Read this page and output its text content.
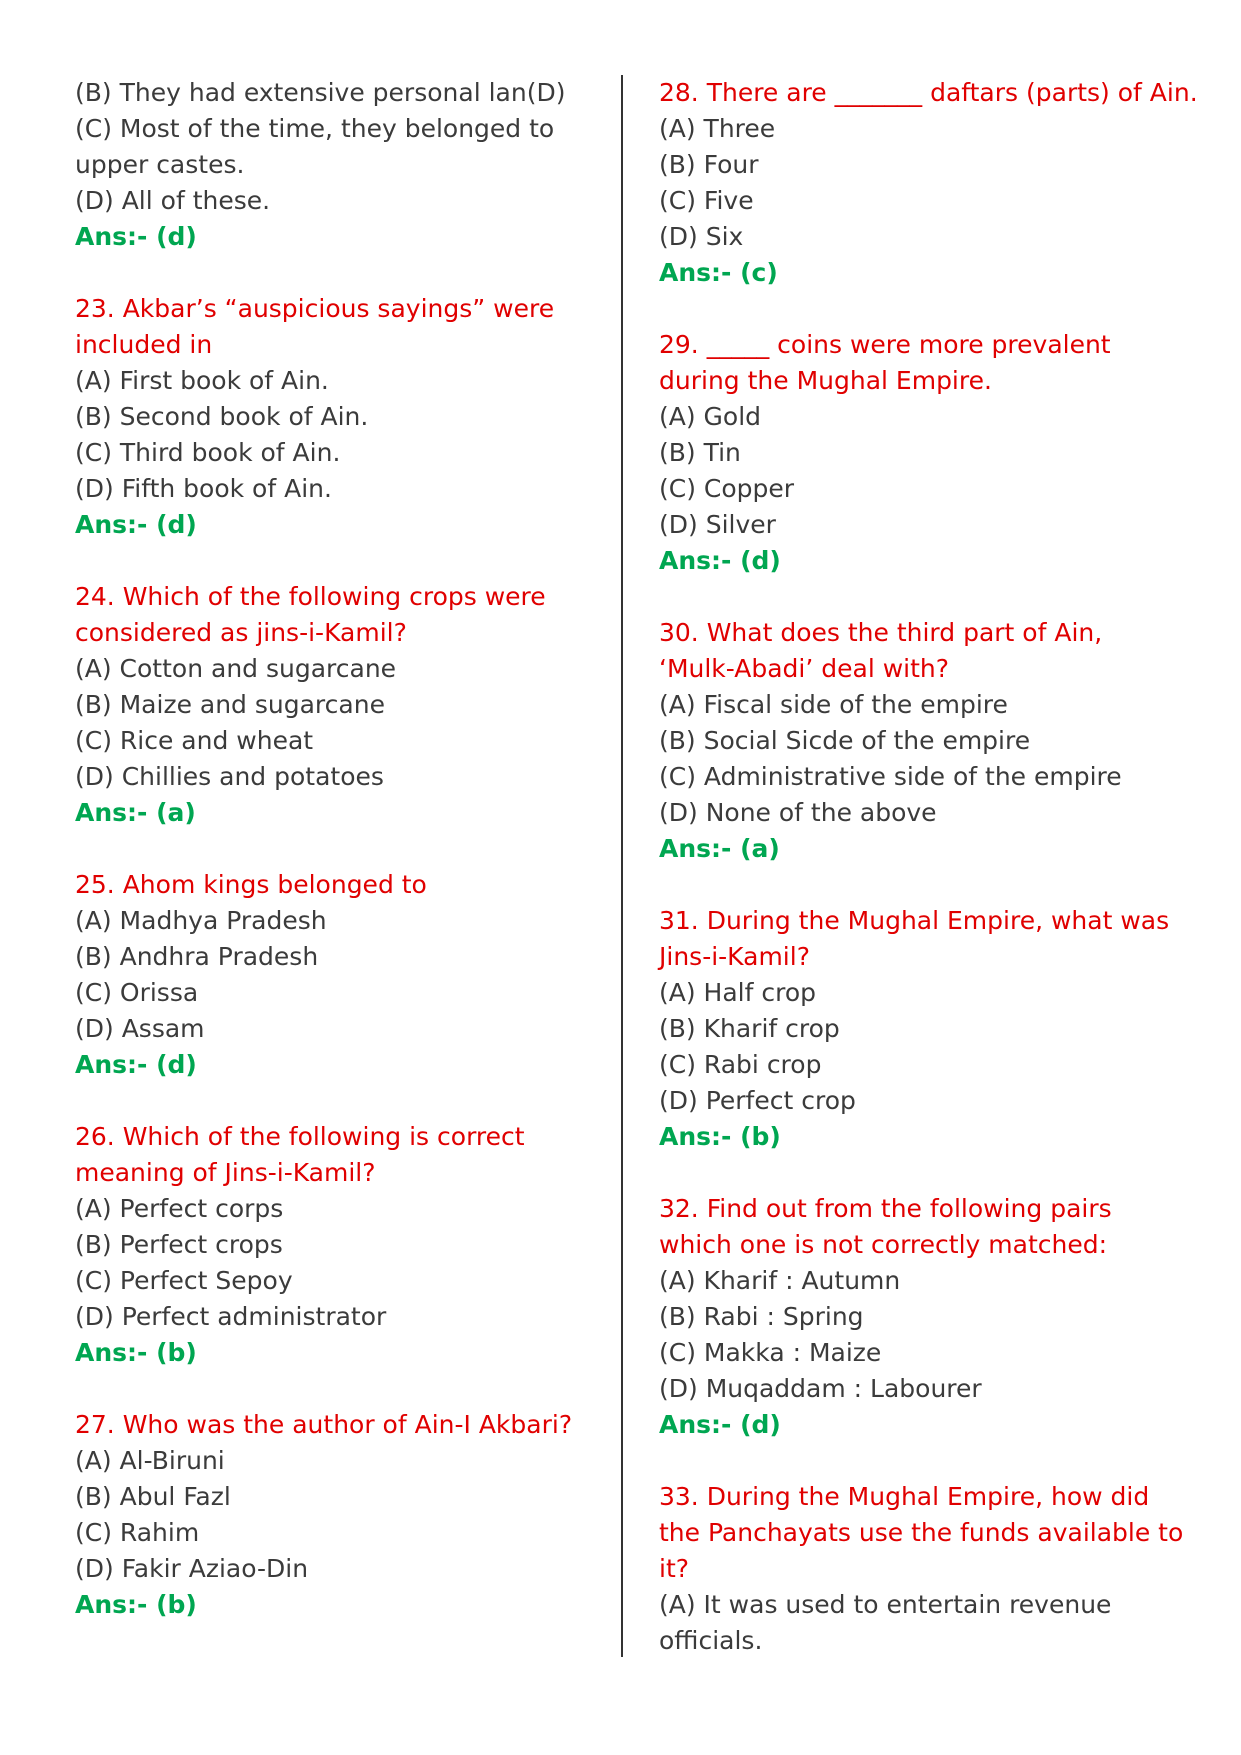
(B) They had extensive personal lan(D)
(C) Most of the time, they belonged to
upper castes.
(D) All of these.
Ans:- (d)
23. Akbar’s “auspicious sayings” were
included in
(A) First book of Ain.
(B) Second book of Ain.
(C) Third book of Ain.
(D) Fifth book of Ain.
Ans:- (d)
24. Which of the following crops were
considered as jins-i-Kamil?
(A) Cotton and sugarcane
(B) Maize and sugarcane
(C) Rice and wheat
(D) Chillies and potatoes
Ans:- (a)
25. Ahom kings belonged to
(A) Madhya Pradesh
(B) Andhra Pradesh
(C) Orissa
(D) Assam
Ans:- (d)
26. Which of the following is correct
meaning of Jins-i-Kamil?
(A) Perfect corps
(B) Perfect crops
(C) Perfect Sepoy
(D) Perfect administrator
Ans:- (b)
27. Who was the author of Ain-I Akbari?
(A) Al-Biruni
(B) Abul Fazl
(C) Rahim
(D) Fakir Aziao-Din
Ans:- (b)
28. There are _______ daftars (parts) of Ain.
(A) Three
(B) Four
(C) Five
(D) Six
Ans:- (c)
29. _____ coins were more prevalent
during the Mughal Empire.
(A) Gold
(B) Tin
(C) Copper
(D) Silver
Ans:- (d)
30. What does the third part of Ain,
‘Mulk-Abadi’ deal with?
(A) Fiscal side of the empire
(B) Social Sicde of the empire
(C) Administrative side of the empire
(D) None of the above
Ans:- (a)
31. During the Mughal Empire, what was
Jins-i-Kamil?
(A) Half crop
(B) Kharif crop
(C) Rabi crop
(D) Perfect crop
Ans:- (b)
32. Find out from the following pairs
which one is not correctly matched:
(A) Kharif : Autumn
(B) Rabi : Spring
(C) Makka : Maize
(D) Muqaddam : Labourer
Ans:- (d)
33. During the Mughal Empire, how did
the Panchayats use the funds available to
it?
(A) It was used to entertain revenue
officials.
